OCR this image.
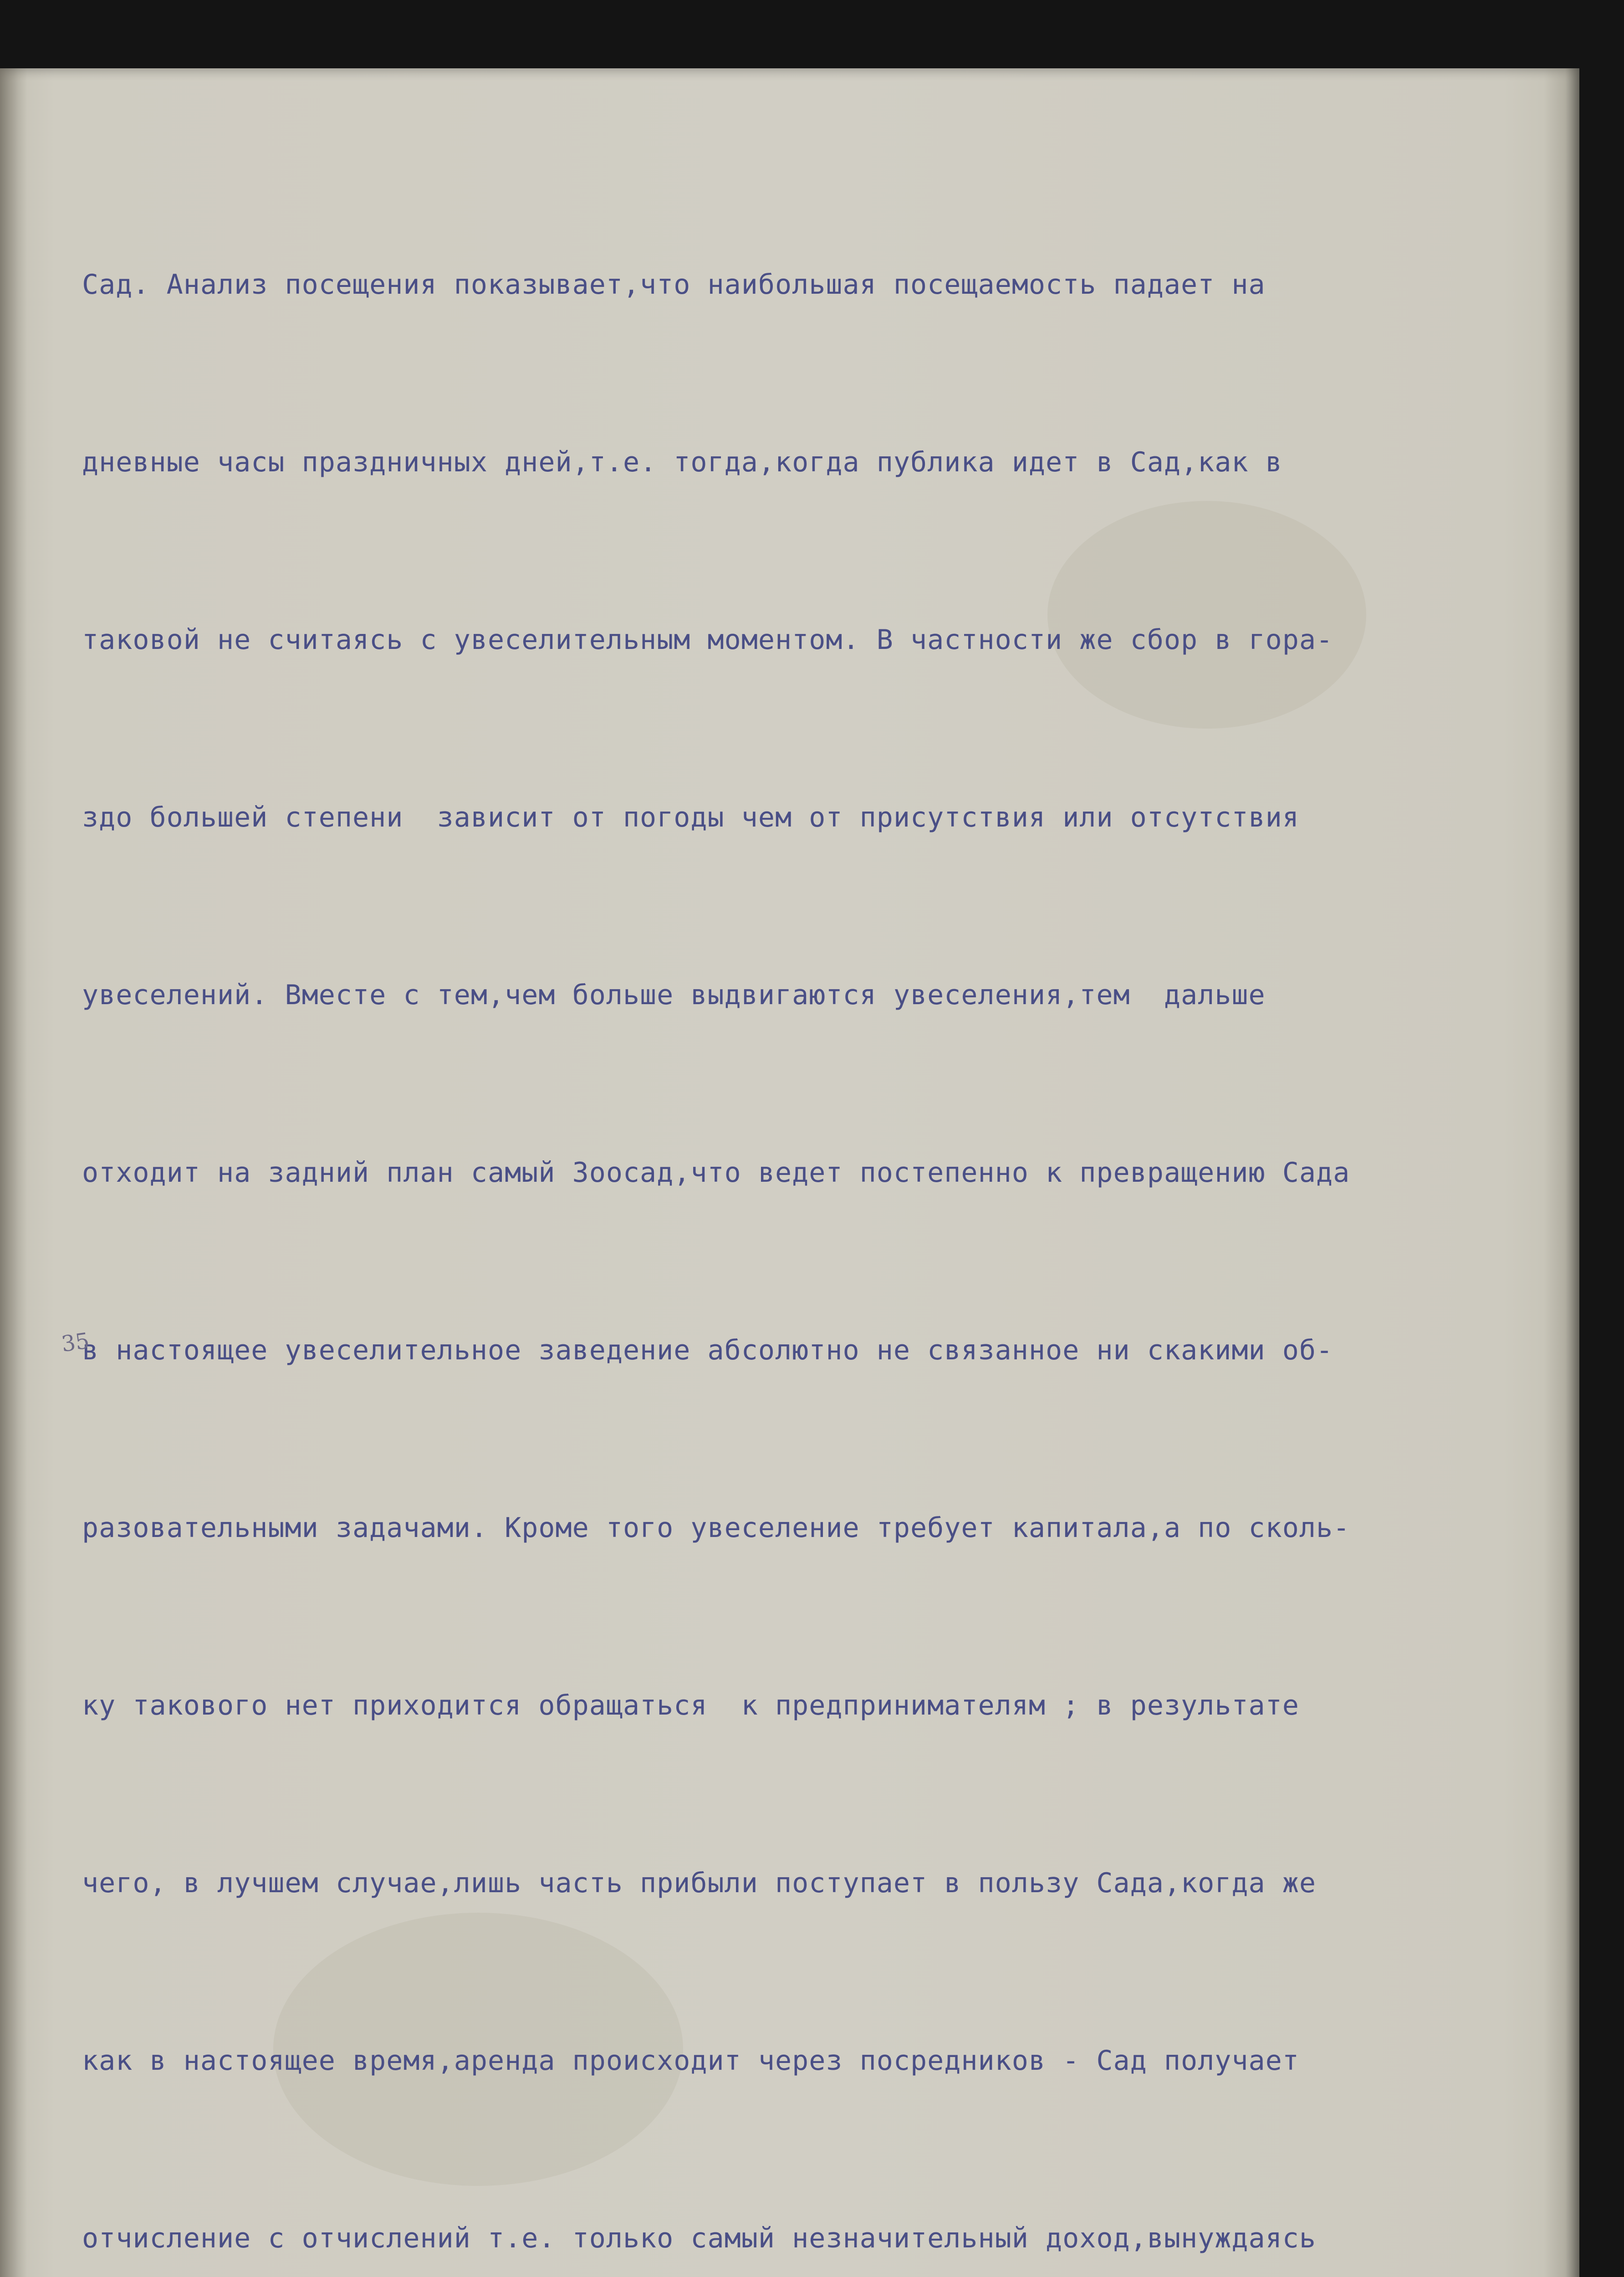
Сад. Анализ посещения показывает,что наибольшая посещаемость падает на

дневные часы праздничных дней,т.е. тогда,когда публика идет в Сад,как в

таковой не считаясь с увеселительным моментом. В частности же сбор в гора-

здо большей степени  зависит от погоды чем от присутствия или отсутствия

увеселений. Вместе с тем,чем больше выдвигаются увеселения,тем  дальше

отходит на задний план самый Зоосад,что ведет постепенно к превращению Сада

в настоящее увеселительное заведение абсолютно не связанное ни скакими об-

разовательными задачами. Кроме того увеселение требует капитала,а по сколь-

ку такового нет приходится обращаться  к предпринимателям ; в результате

чего, в лучшем случае,лишь часть прибыли поступает в пользу Сада,когда же

как в настоящее время,аренда происходит через посредников - Сад получает

отчисление с отчислений т.е. только самый незначительный доход,вынуждаясь

35
